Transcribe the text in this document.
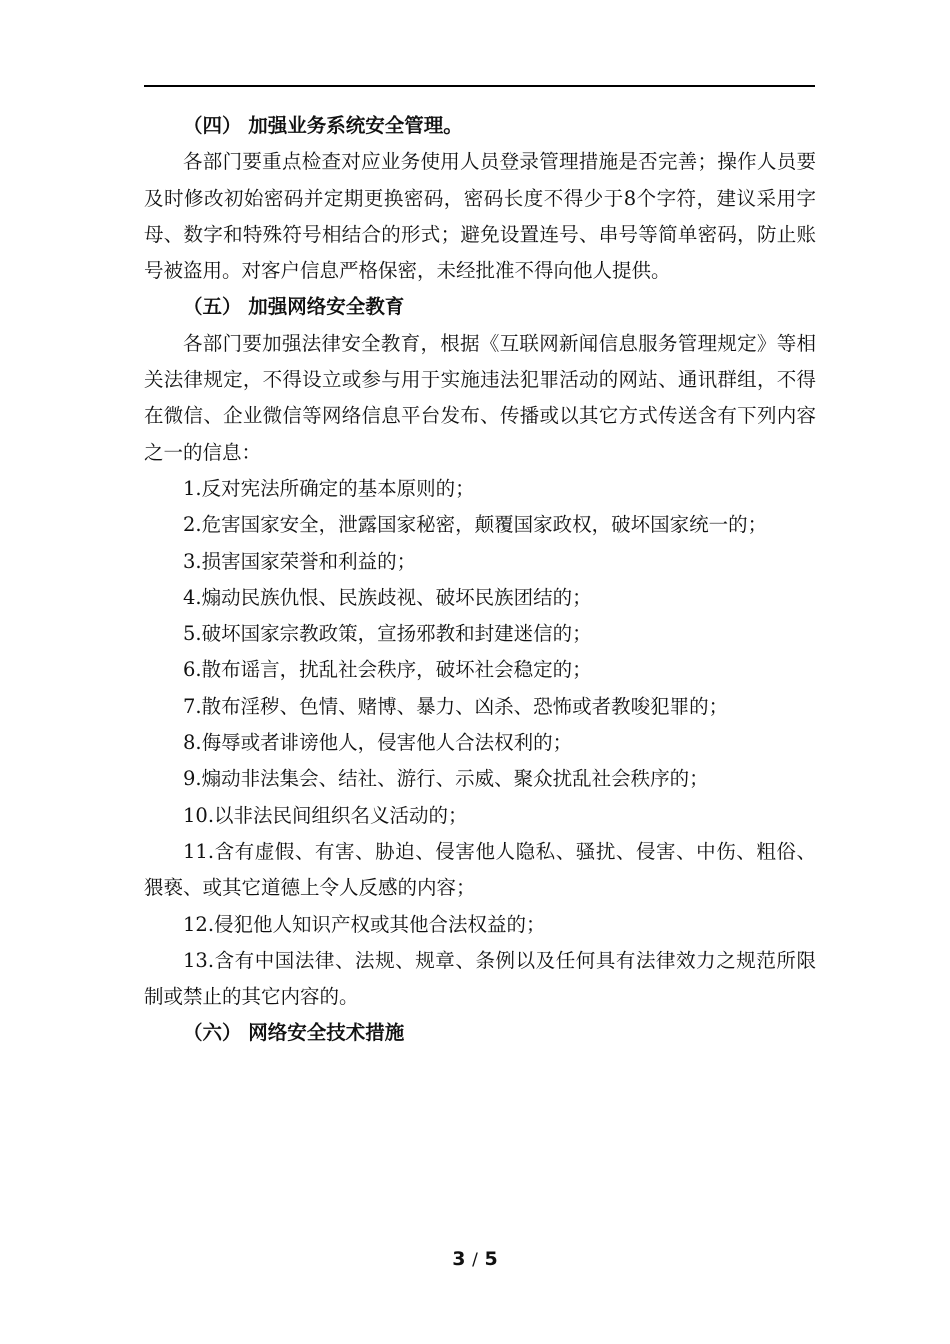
（四） 加强业务系统安全管理。

各部门要重点检查对应业务使用人员登录管理措施是否完善；操作人员要及时修改初始密码并定期更换密码，密码长度不得少于8个字符，建议采用字母、数字和特殊符号相结合的形式；避免设置连号、串号等简单密码，防止账号被盗用。对客户信息严格保密，未经批准不得向他人提供。

（五） 加强网络安全教育

各部门要加强法律安全教育，根据《互联网新闻信息服务管理规定》等相关法律规定，不得设立或参与用于实施违法犯罪活动的网站、通讯群组，不得在微信、企业微信等网络信息平台发布、传播或以其它方式传送含有下列内容之一的信息：

1.反对宪法所确定的基本原则的；

2.危害国家安全，泄露国家秘密，颠覆国家政权，破坏国家统一的；

3.损害国家荣誉和利益的；

4.煽动民族仇恨、民族歧视、破坏民族团结的；

5.破坏国家宗教政策，宣扬邪教和封建迷信的；

6.散布谣言，扰乱社会秩序，破坏社会稳定的；

7.散布淫秽、色情、赌博、暴力、凶杀、恐怖或者教唆犯罪的；

8.侮辱或者诽谤他人，侵害他人合法权利的；

9.煽动非法集会、结社、游行、示威、聚众扰乱社会秩序的；

10.以非法民间组织名义活动的；

11.含有虚假、有害、胁迫、侵害他人隐私、骚扰、侵害、中伤、粗俗、猥亵、或其它道德上令人反感的内容；

12.侵犯他人知识产权或其他合法权益的；

13.含有中国法律、法规、规章、条例以及任何具有法律效力之规范所限制或禁止的其它内容的。

（六） 网络安全技术措施

3 / 5
